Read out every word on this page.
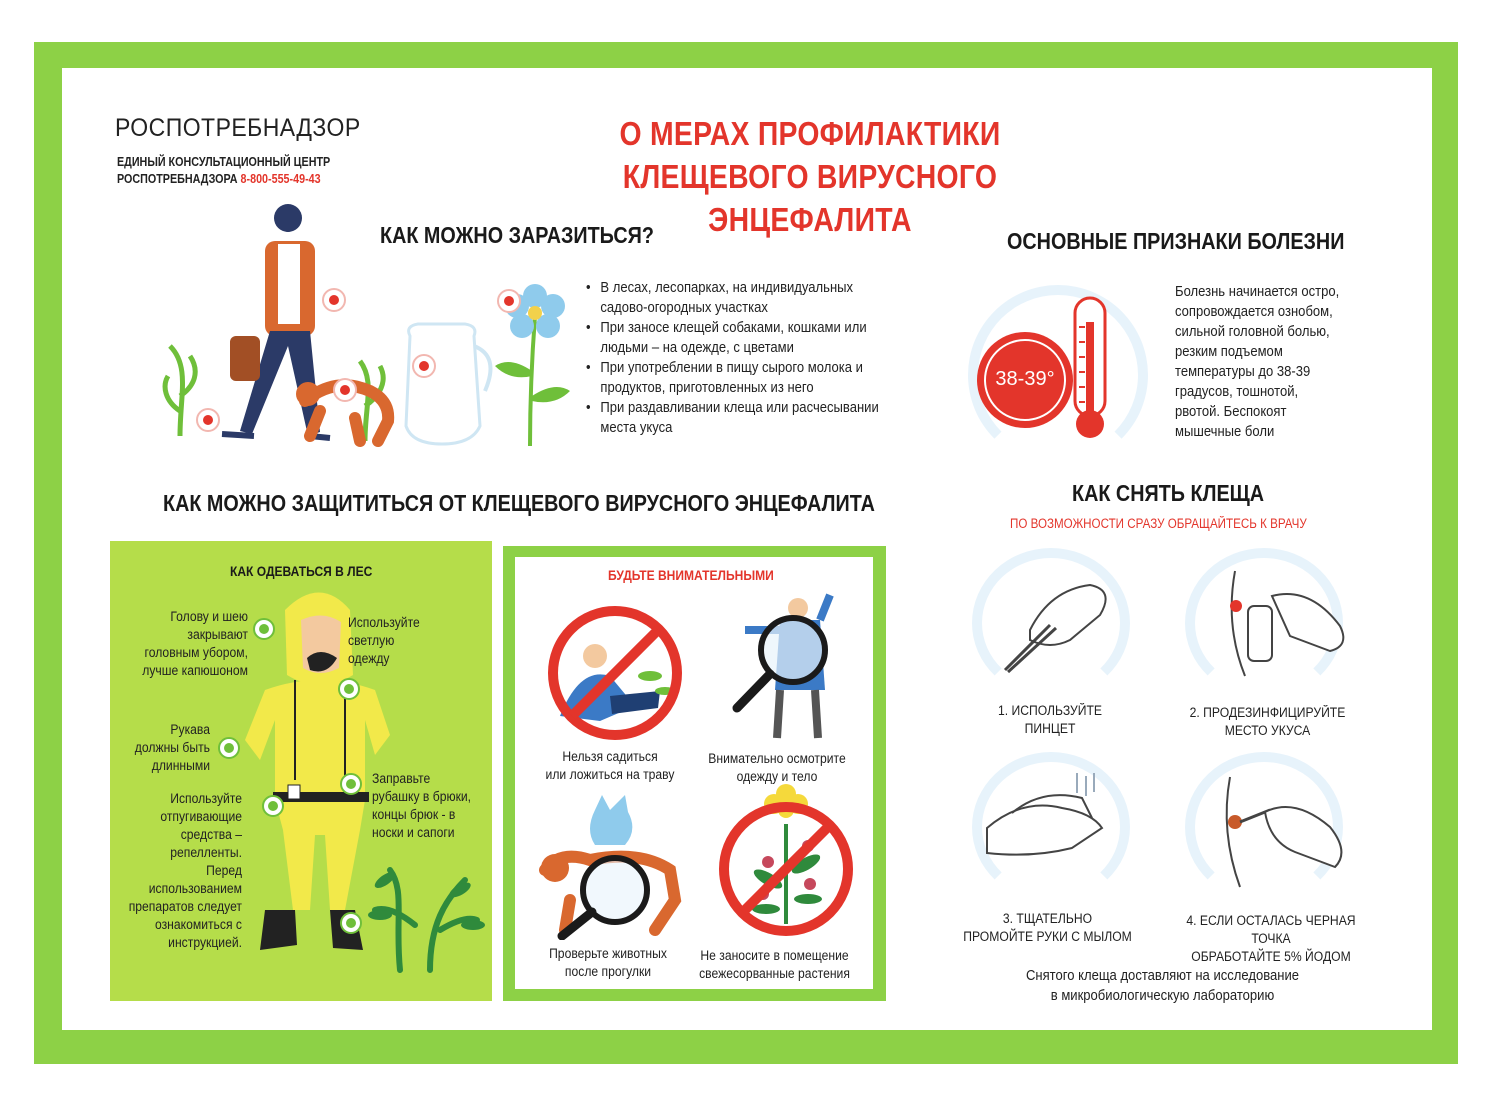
РОСПОТРЕБНАДЗОР
ЕДИНЫЙ КОНСУЛЬТАЦИОННЫЙ ЦЕНТР
РОСПОТРЕБНАДЗОРА 8-800-555-49-43
О МЕРАХ ПРОФИЛАКТИКИ
КЛЕЩЕВОГО ВИРУСНОГО ЭНЦЕФАЛИТА
КАК МОЖНО ЗАРАЗИТЬСЯ?
• В лесах, лесопарках, на индивидуальных садово-огородных участках
• При заносе клещей собаками, кошками или людьми – на одежде, с цветами
• При употреблении в пищу сырого молока и продуктов, приготовленных из него
• При раздавливании клеща или расчесывании места укуса
ОСНОВНЫЕ ПРИЗНАКИ БОЛЕЗНИ
38-39°
Болезнь начинается остро,
сопровождается ознобом,
сильной головной болью,
резким подъемом
температуры до 38-39
градусов, тошнотой,
рвотой. Беспокоят
мышечные боли
КАК МОЖНО ЗАЩИТИТЬСЯ ОТ КЛЕЩЕВОГО ВИРУСНОГО ЭНЦЕФАЛИТА
КАК ОДЕВАТЬСЯ В ЛЕС
Голову и шею
закрывают
головным убором,
лучше капюшоном
Используйте
светлую
одежду
Рукава
должны быть
длинными
Заправьте
рубашку в брюки,
концы брюк - в
носки и сапоги
Используйте
отпугивающие
средства –
репелленты.
Перед
использованием
препаратов следует
ознакомиться с
инструкцией.
БУДЬТЕ ВНИМАТЕЛЬНЫМИ
Нельзя садиться
или ложиться на траву
Внимательно осмотрите
одежду и тело
Проверьте животных
после прогулки
Не заносите в помещение
свежесорванные растения
КАК СНЯТЬ КЛЕЩА
ПО ВОЗМОЖНОСТИ СРАЗУ ОБРАЩАЙТЕСЬ К ВРАЧУ
1. ИСПОЛЬЗУЙТЕ
ПИНЦЕТ
2. ПРОДЕЗИНФИЦИРУЙТЕ
МЕСТО УКУСА
3. ТЩАТЕЛЬНО
ПРОМОЙТЕ РУКИ С МЫЛОМ
4. ЕСЛИ ОСТАЛАСЬ ЧЕРНАЯ ТОЧКА
ОБРАБОТАЙТЕ 5% ЙОДОМ
Снятого клеща доставляют на исследование
в микробиологическую лабораторию
